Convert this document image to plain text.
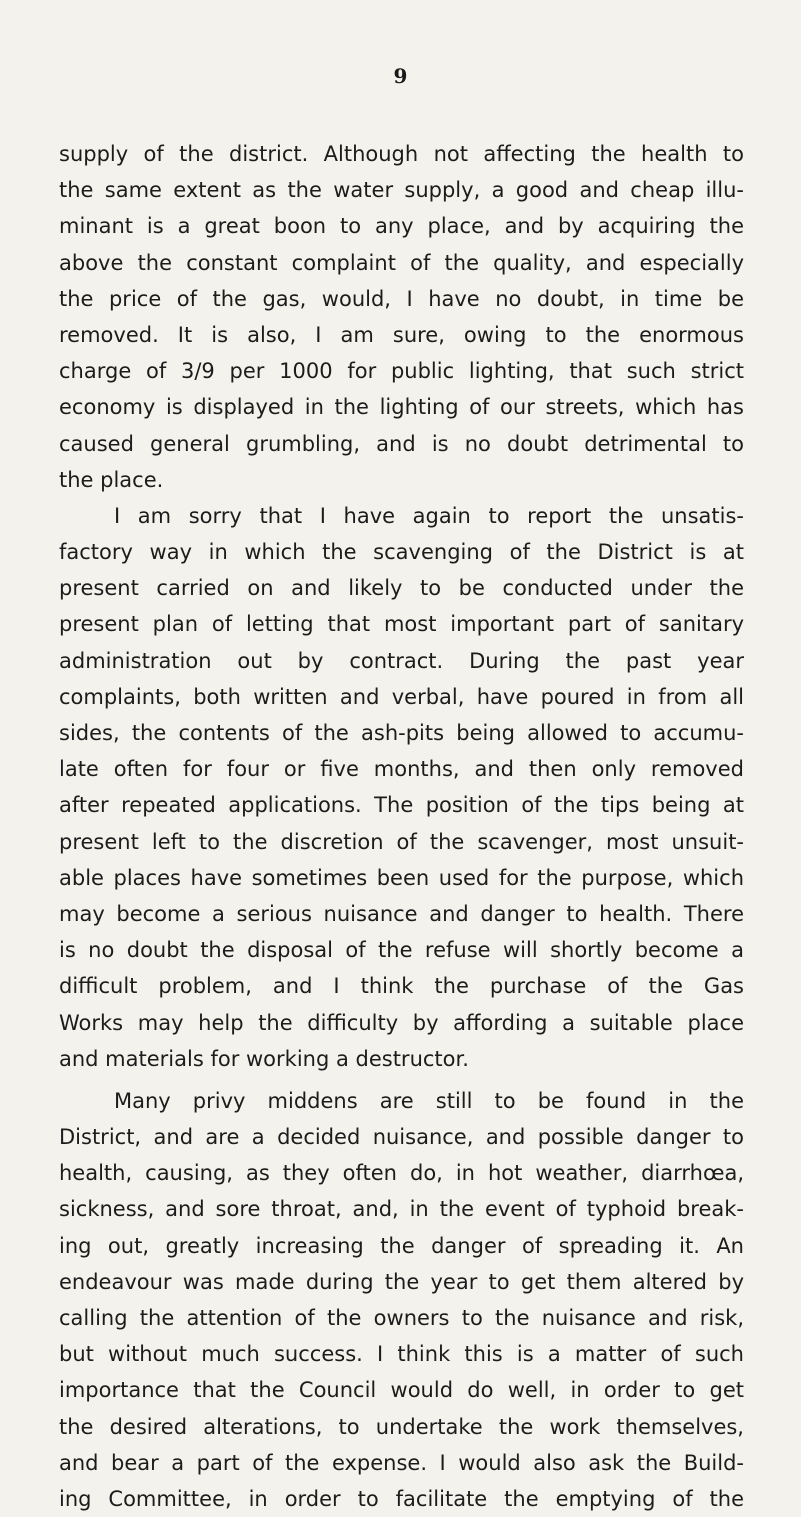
9
supply of the district. Although not affecting the health to
the same extent as the water supply, a good and cheap illu-
minant is a great boon to any place, and by acquiring the
above the constant complaint of the quality, and especially
the price of the gas, would, I have no doubt, in time be
removed. It is also, I am sure, owing to the enormous
charge of 3/9 per 1000 for public lighting, that such strict
economy is displayed in the lighting of our streets, which has
caused general grumbling, and is no doubt detrimental to
the place.
I am sorry that I have again to report the unsatis-
factory way in which the scavenging of the District is at
present carried on and likely to be conducted under the
present plan of letting that most important part of sanitary
administration out by contract. During the past year
complaints, both written and verbal, have poured in from all
sides, the contents of the ash-pits being allowed to accumu-
late often for four or five months, and then only removed
after repeated applications. The position of the tips being at
present left to the discretion of the scavenger, most unsuit-
able places have sometimes been used for the purpose, which
may become a serious nuisance and danger to health. There
is no doubt the disposal of the refuse will shortly become a
difficult problem, and I think the purchase of the Gas
Works may help the difficulty by affording a suitable place
and materials for working a destructor.
Many privy middens are still to be found in the
District, and are a decided nuisance, and possible danger to
health, causing, as they often do, in hot weather, diarrhœa,
sickness, and sore throat, and, in the event of typhoid break-
ing out, greatly increasing the danger of spreading it. An
endeavour was made during the year to get them altered by
calling the attention of the owners to the nuisance and risk,
but without much success. I think this is a matter of such
importance that the Council would do well, in order to get
the desired alterations, to undertake the work themselves,
and bear a part of the expense. I would also ask the Build-
ing Committee, in order to facilitate the emptying of the
